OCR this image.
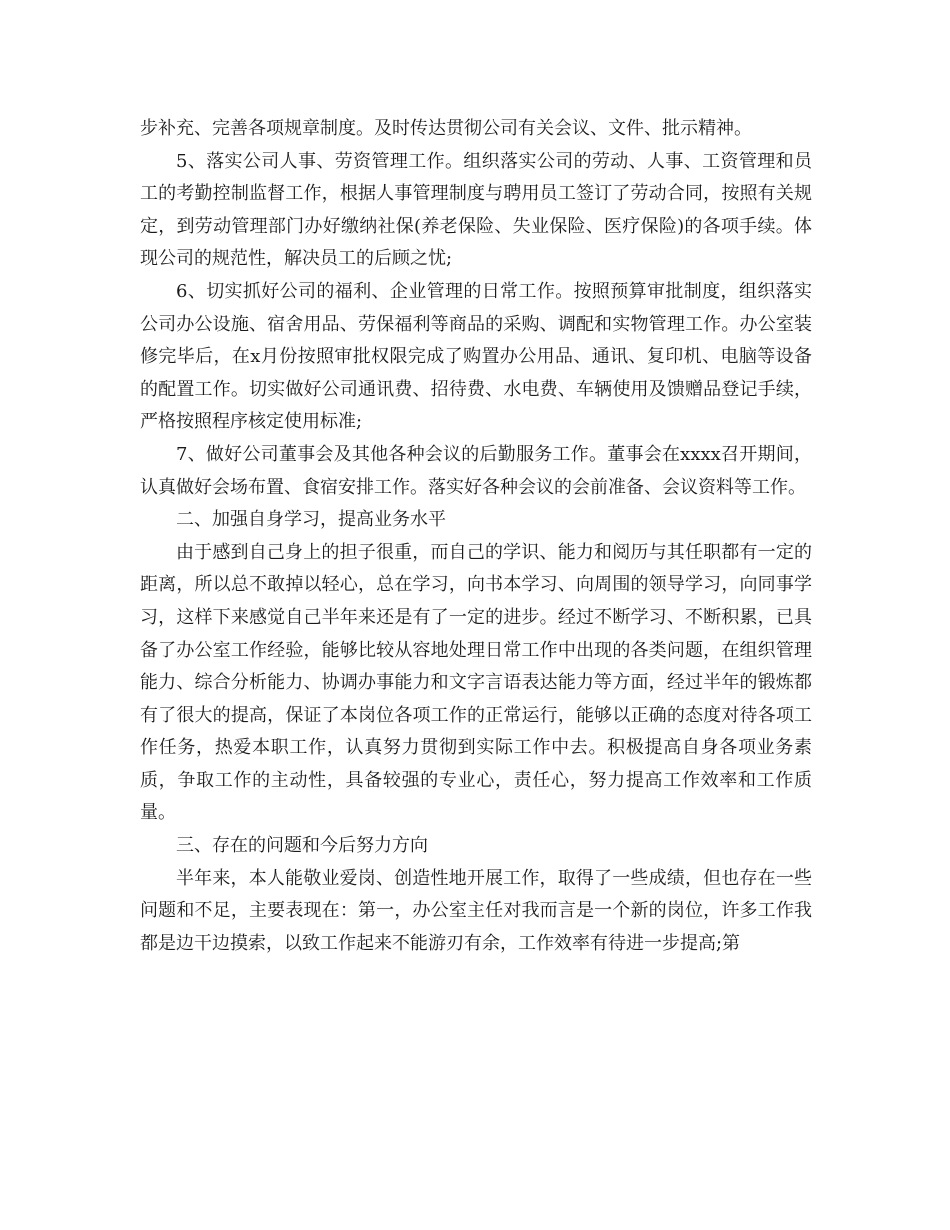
步补充、完善各项规章制度。及时传达贯彻公司有关会议、文件、批示精神。

5、落实公司人事、劳资管理工作。组织落实公司的劳动、人事、工资管理和员工的考勤控制监督工作，根据人事管理制度与聘用员工签订了劳动合同，按照有关规定，到劳动管理部门办好缴纳社保(养老保险、失业保险、医疗保险)的各项手续。体现公司的规范性，解决员工的后顾之忧;

6、切实抓好公司的福利、企业管理的日常工作。按照预算审批制度，组织落实公司办公设施、宿舍用品、劳保福利等商品的采购、调配和实物管理工作。办公室装修完毕后，在x月份按照审批权限完成了购置办公用品、通讯、复印机、电脑等设备的配置工作。切实做好公司通讯费、招待费、水电费、车辆使用及馈赠品登记手续，严格按照程序核定使用标准;

7、做好公司董事会及其他各种会议的后勤服务工作。董事会在xxxx召开期间，认真做好会场布置、食宿安排工作。落实好各种会议的会前准备、会议资料等工作。

二、加强自身学习，提高业务水平

由于感到自己身上的担子很重，而自己的学识、能力和阅历与其任职都有一定的距离，所以总不敢掉以轻心，总在学习，向书本学习、向周围的领导学习，向同事学习，这样下来感觉自己半年来还是有了一定的进步。经过不断学习、不断积累，已具备了办公室工作经验，能够比较从容地处理日常工作中出现的各类问题，在组织管理能力、综合分析能力、协调办事能力和文字言语表达能力等方面，经过半年的锻炼都有了很大的提高，保证了本岗位各项工作的正常运行，能够以正确的态度对待各项工作任务，热爱本职工作，认真努力贯彻到实际工作中去。积极提高自身各项业务素质，争取工作的主动性，具备较强的专业心，责任心，努力提高工作效率和工作质量。

三、存在的问题和今后努力方向

半年来，本人能敬业爱岗、创造性地开展工作，取得了一些成绩，但也存在一些问题和不足，主要表现在：第一，办公室主任对我而言是一个新的岗位，许多工作我都是边干边摸索，以致工作起来不能游刃有余，工作效率有待进一步提高;第
